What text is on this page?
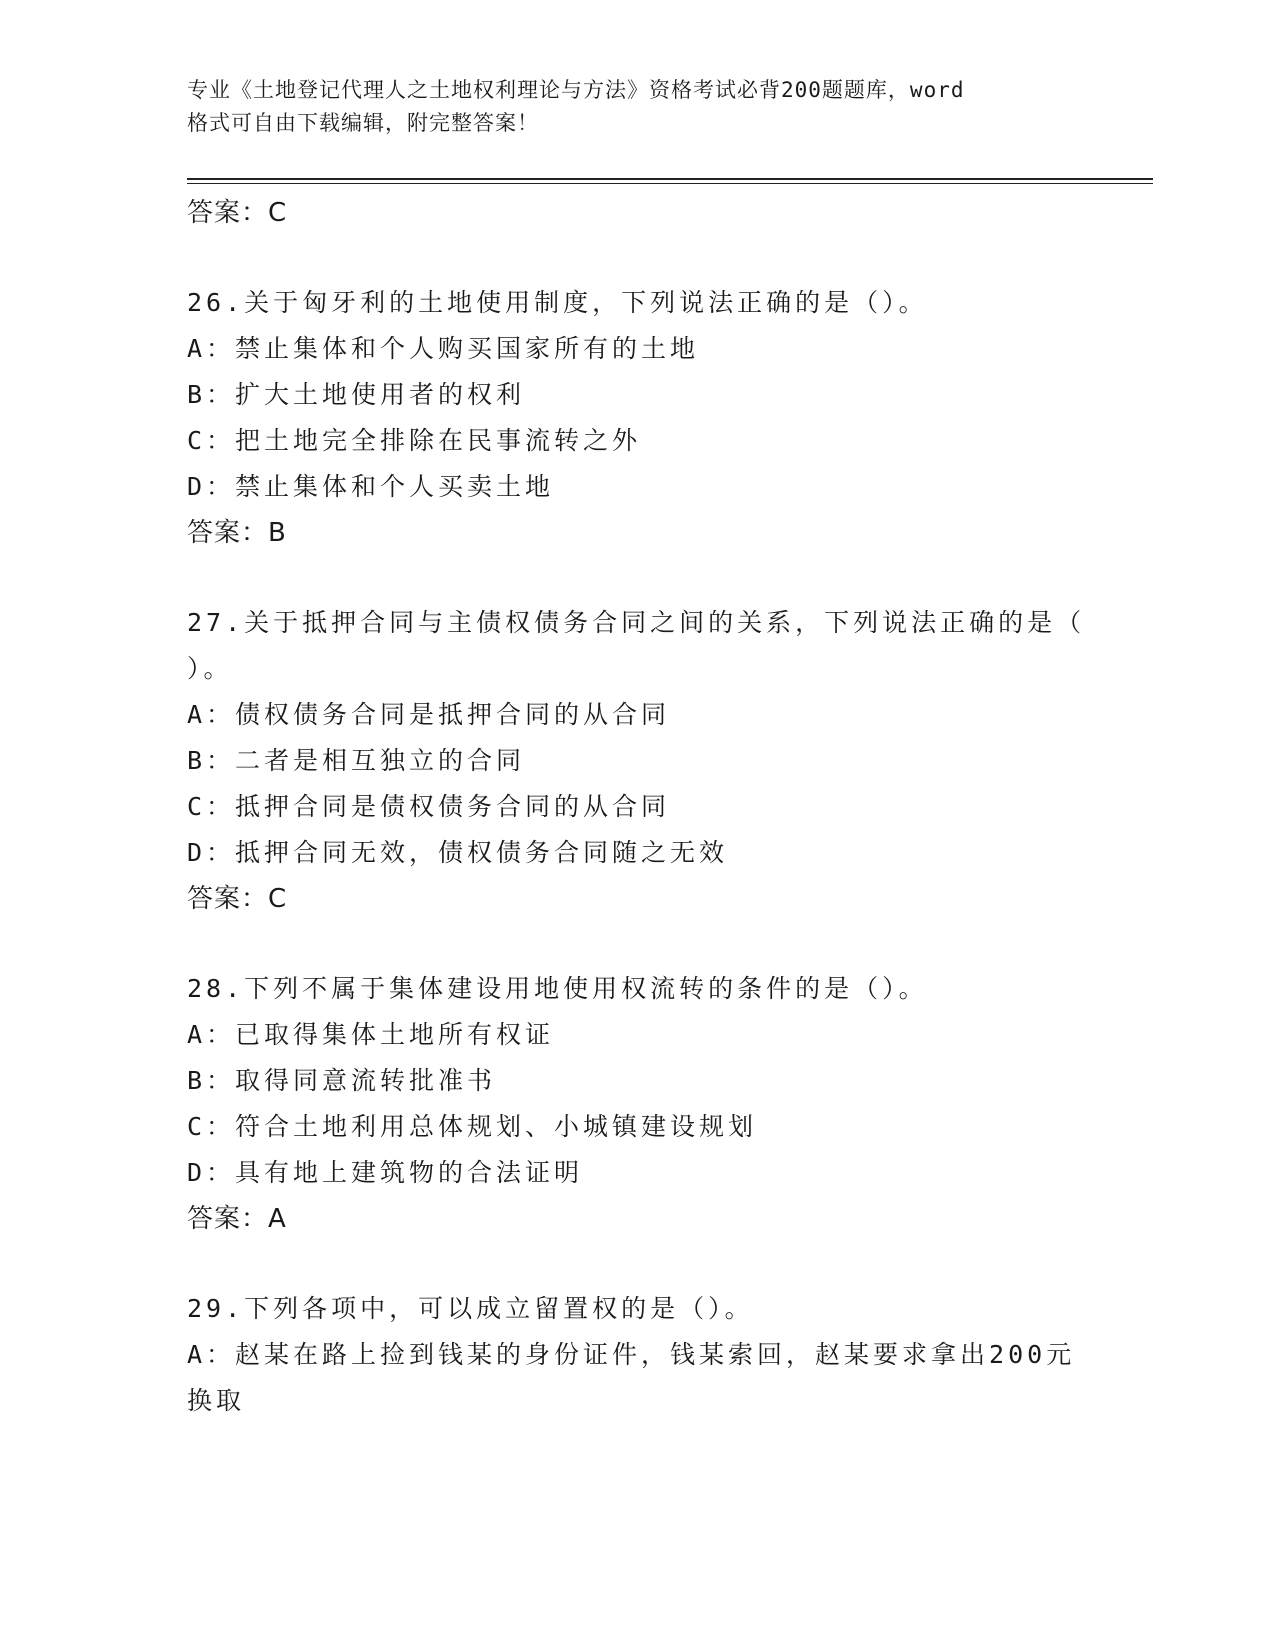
专业《土地登记代理人之土地权利理论与方法》资格考试必背200题题库，word
格式可自由下载编辑，附完整答案！
答案：C
26.关于匈牙利的土地使用制度，下列说法正确的是（）。
A：禁止集体和个人购买国家所有的土地
B：扩大土地使用者的权利
C：把土地完全排除在民事流转之外
D：禁止集体和个人买卖土地
答案：B
27.关于抵押合同与主债权债务合同之间的关系，下列说法正确的是（
）。
A：债权债务合同是抵押合同的从合同
B：二者是相互独立的合同
C：抵押合同是债权债务合同的从合同
D：抵押合同无效，债权债务合同随之无效
答案：C
28.下列不属于集体建设用地使用权流转的条件的是（）。
A：已取得集体土地所有权证
B：取得同意流转批准书
C：符合土地利用总体规划、小城镇建设规划
D：具有地上建筑物的合法证明
答案：A
29.下列各项中，可以成立留置权的是（）。
A：赵某在路上捡到钱某的身份证件，钱某索回，赵某要求拿出200元
换取
